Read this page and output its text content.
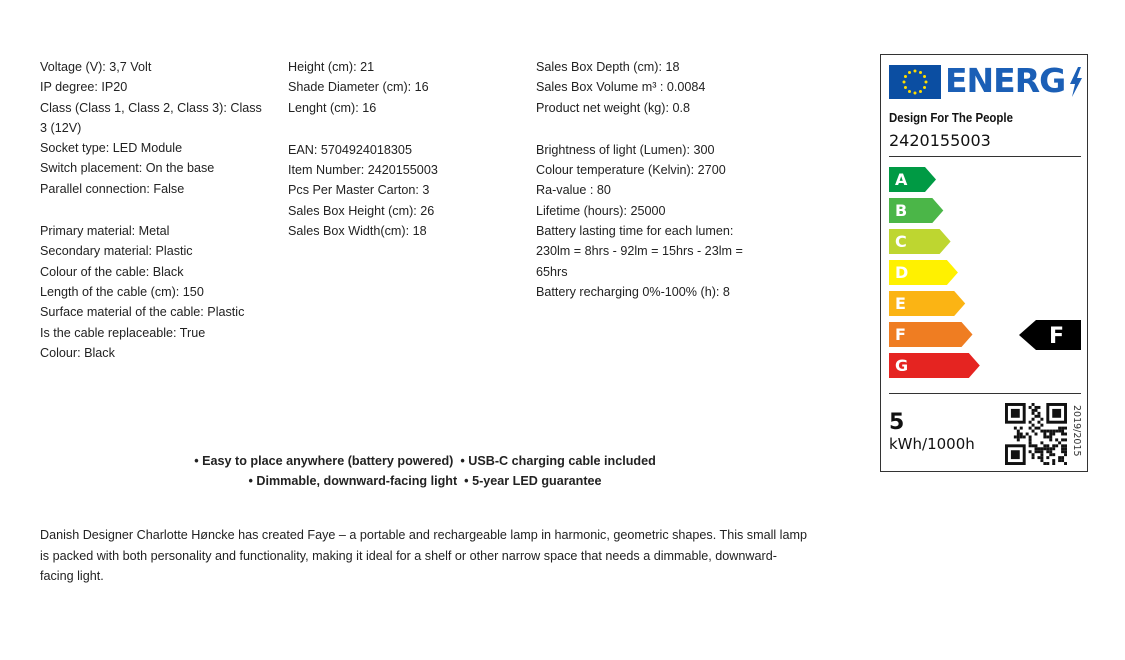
Voltage (V): 3,7 Volt
IP degree: IP20
Class (Class 1, Class 2, Class 3): Class 3 (12V)
Socket type: LED Module
Switch placement: On the base
Parallel connection: False
Primary material: Metal
Secondary material: Plastic
Colour of the cable: Black
Length of the cable (cm): 150
Surface material of the cable: Plastic
Is the cable replaceable: True
Colour: Black
Height (cm): 21
Shade Diameter (cm): 16
Lenght (cm): 16
EAN: 5704924018305
Item Number: 2420155003
Pcs Per Master Carton: 3
Sales Box Height (cm): 26
Sales Box Width(cm): 18
Sales Box Depth (cm): 18
Sales Box Volume m³ : 0.0084
Product net weight (kg): 0.8
Brightness of light (Lumen): 300
Colour temperature (Kelvin): 2700
Ra-value : 80
Lifetime (hours): 25000
Battery lasting time for each lumen: 230lm = 8hrs - 92lm = 15hrs - 23lm = 65hrs
Battery recharging 0%-100% (h): 8
• Easy to place anywhere (battery powered)  • USB-C charging cable included
• Dimmable, downward-facing light  • 5-year LED guarantee
Danish Designer Charlotte Høncke has created Faye – a portable and rechargeable lamp in harmonic, geometric shapes. This small lamp is packed with both personality and functionality, making it ideal for a shelf or other narrow space that needs a dimmable, downward-facing light.
ENERG
Design For The People
2420155003
A
B
C
D
E
F
G
F
5
kWh/1000h	2019/2015
